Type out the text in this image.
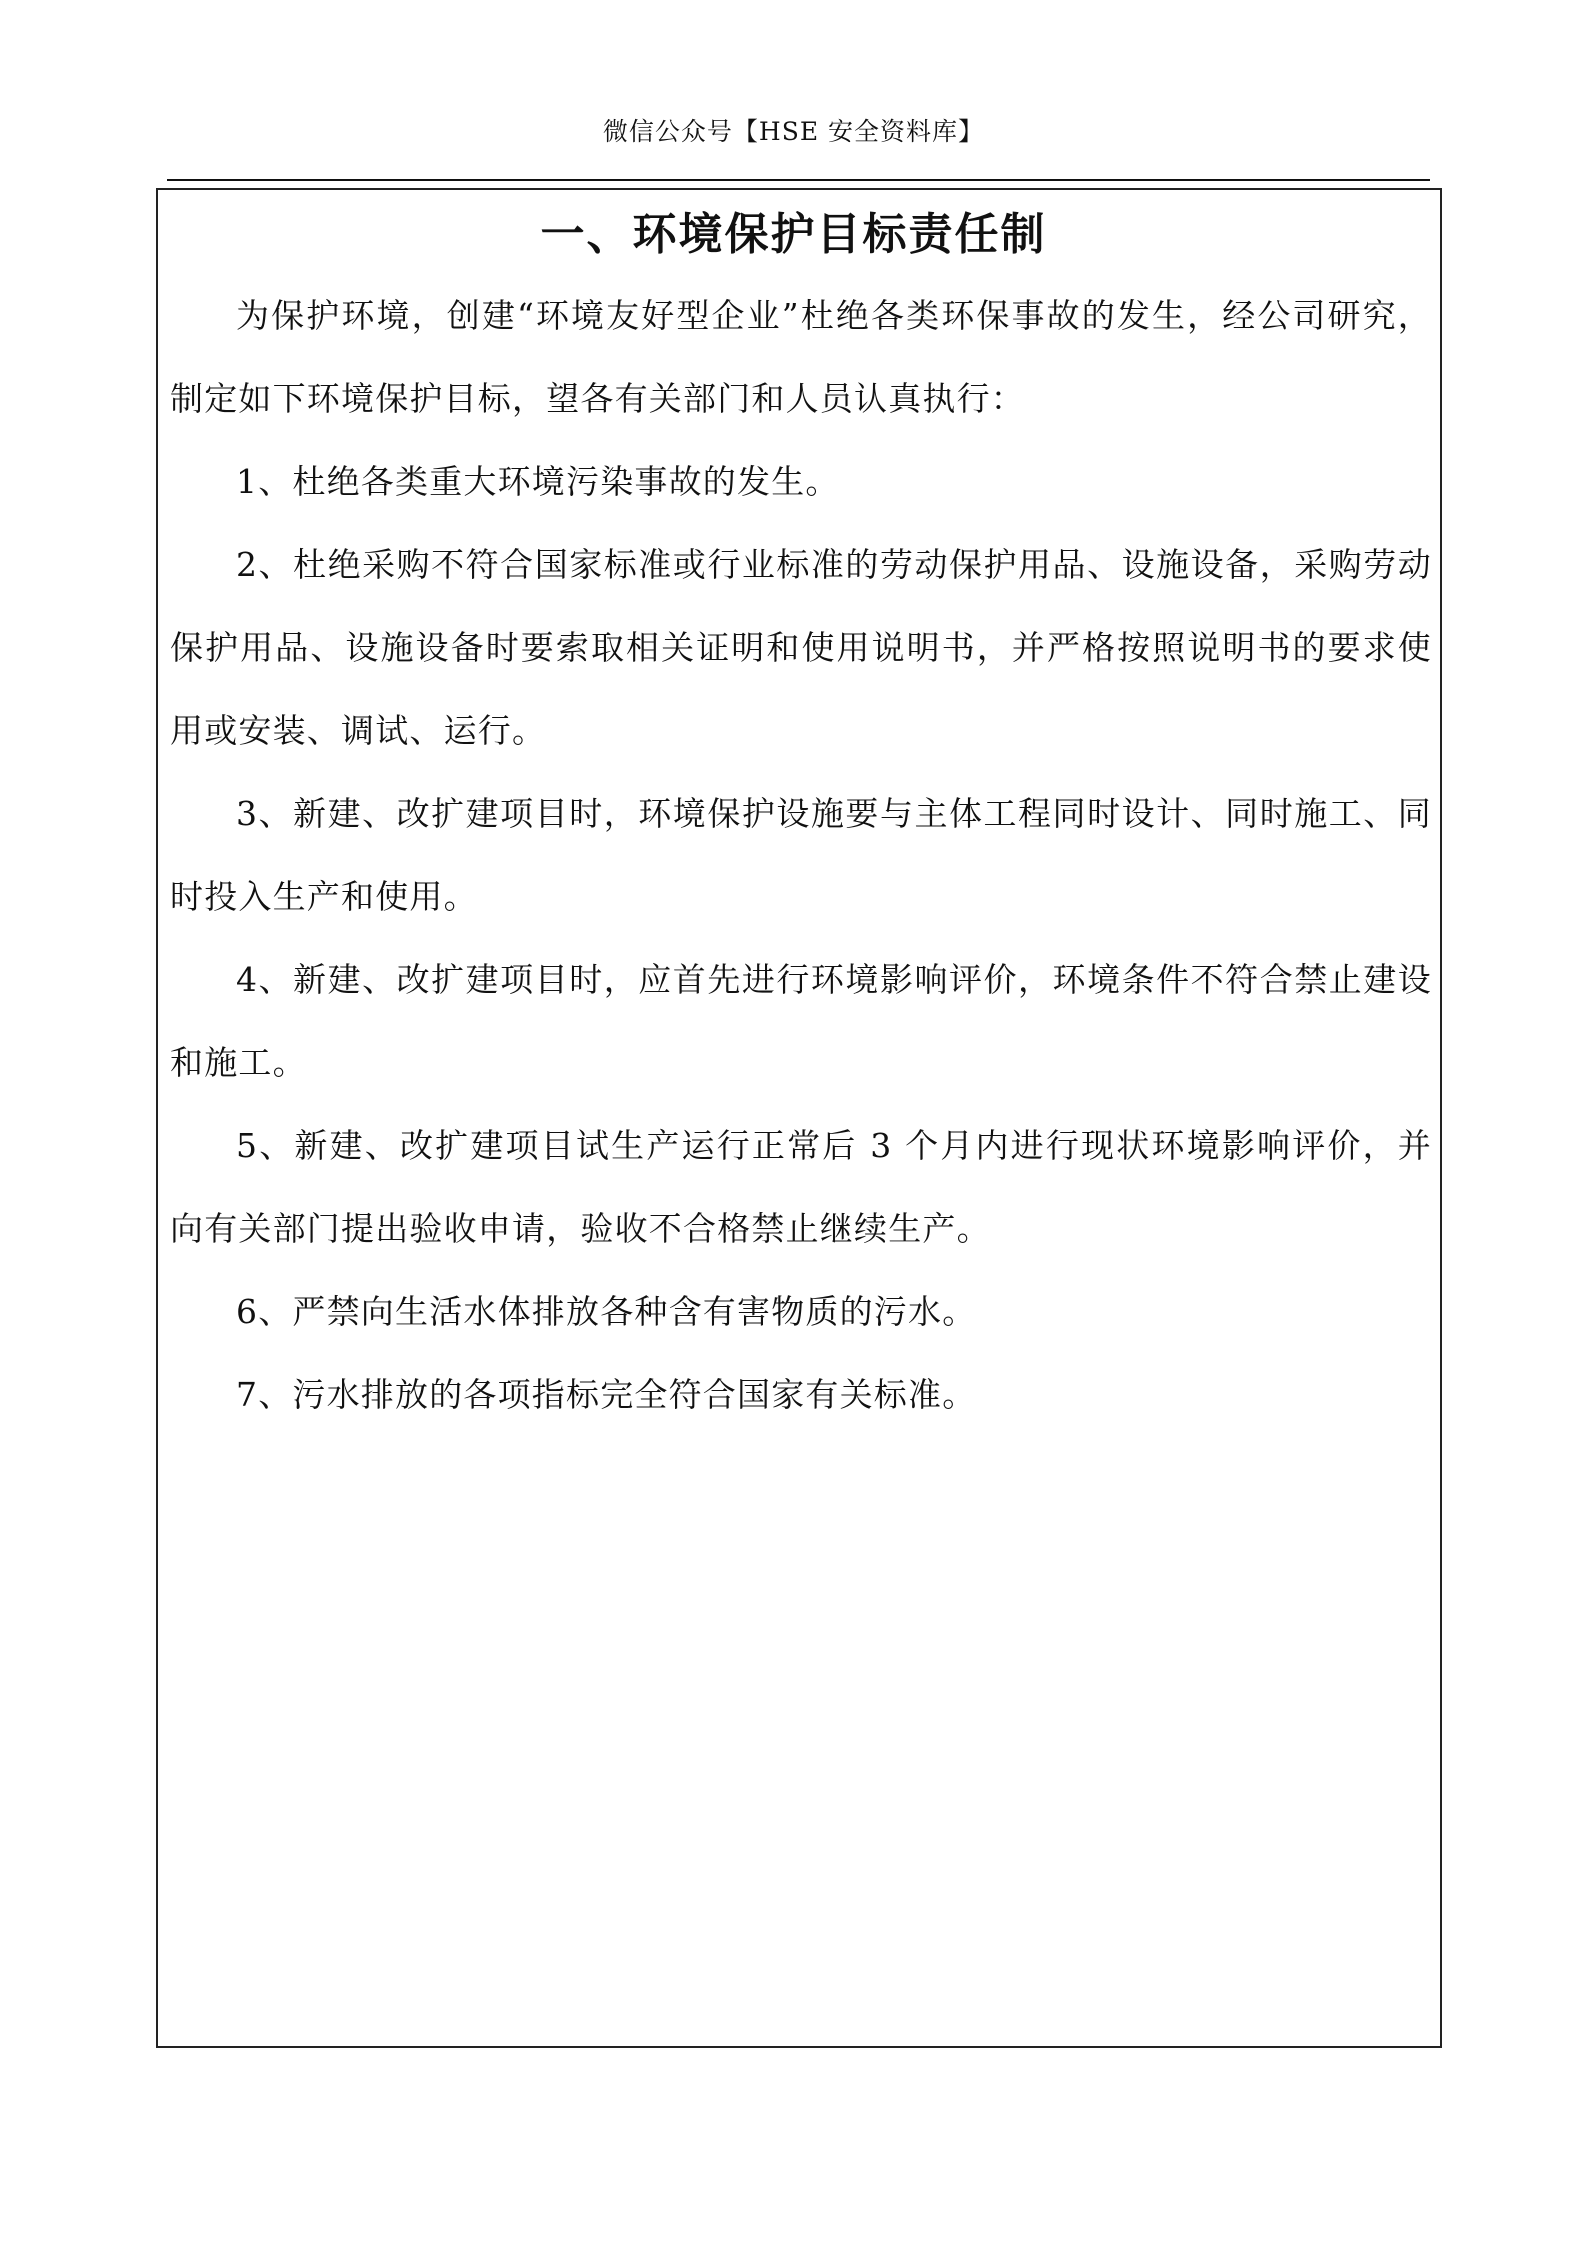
微信公众号【HSE 安全资料库】
一、环境保护目标责任制

为保护环境，创建“环境友好型企业”杜绝各类环保事故的发生，经公司研究，制定如下环境保护目标，望各有关部门和人员认真执行：

1、杜绝各类重大环境污染事故的发生。

2、杜绝采购不符合国家标准或行业标准的劳动保护用品、设施设备，采购劳动保护用品、设施设备时要索取相关证明和使用说明书，并严格按照说明书的要求使用或安装、调试、运行。

3、新建、改扩建项目时，环境保护设施要与主体工程同时设计、同时施工、同时投入生产和使用。

4、新建、改扩建项目时，应首先进行环境影响评价，环境条件不符合禁止建设和施工。

5、新建、改扩建项目试生产运行正常后 3 个月内进行现状环境影响评价，并向有关部门提出验收申请，验收不合格禁止继续生产。

6、严禁向生活水体排放各种含有害物质的污水。

7、污水排放的各项指标完全符合国家有关标准。
